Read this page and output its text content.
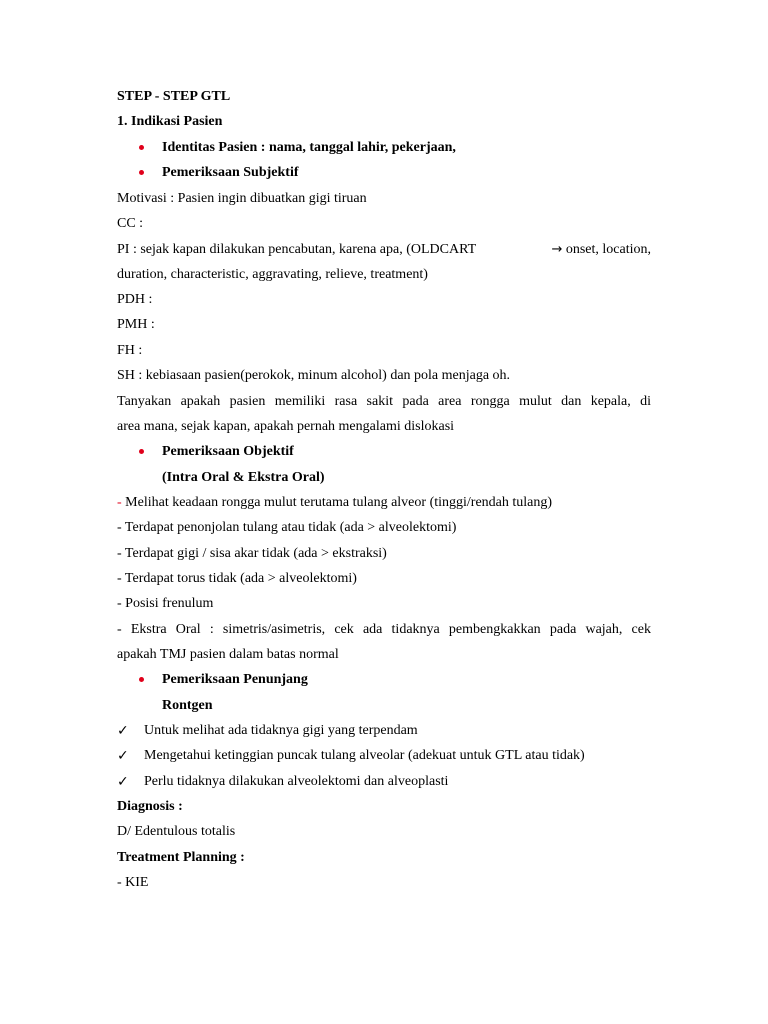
STEP - STEP GTL
1. Indikasi Pasien
Identitas Pasien : nama, tanggal lahir, pekerjaan,
Pemeriksaan Subjektif
Motivasi : Pasien ingin dibuatkan gigi tiruan
CC :
PI : sejak kapan dilakukan pencabutan, karena apa, (OLDCART	→ onset, location,
duration, characteristic, aggravating, relieve, treatment)
PDH :
PMH :
FH :
SH : kebiasaan pasien(perokok, minum alcohol) dan pola menjaga oh.
Tanyakan apakah pasien memiliki rasa sakit pada area rongga mulut dan kepala, di
area mana, sejak kapan, apakah pernah mengalami dislokasi
Pemeriksaan Objektif
(Intra Oral & Ekstra Oral)
- Melihat keadaan rongga mulut terutama tulang alveor (tinggi/rendah tulang)
- Terdapat penonjolan tulang atau tidak (ada > alveolektomi)
- Terdapat gigi / sisa akar tidak (ada > ekstraksi)
- Terdapat torus tidak (ada > alveolektomi)
- Posisi frenulum
- Ekstra Oral : simetris/asimetris, cek ada tidaknya pembengkakkan pada wajah, cek
apakah TMJ pasien dalam batas normal
Pemeriksaan Penunjang
Rontgen
✓ Untuk melihat ada tidaknya gigi yang terpendam
✓ Mengetahui ketinggian puncak tulang alveolar (adekuat untuk GTL atau tidak)
✓ Perlu tidaknya dilakukan alveolektomi dan alveoplasti
Diagnosis :
D/ Edentulous totalis
Treatment Planning :
- KIE
